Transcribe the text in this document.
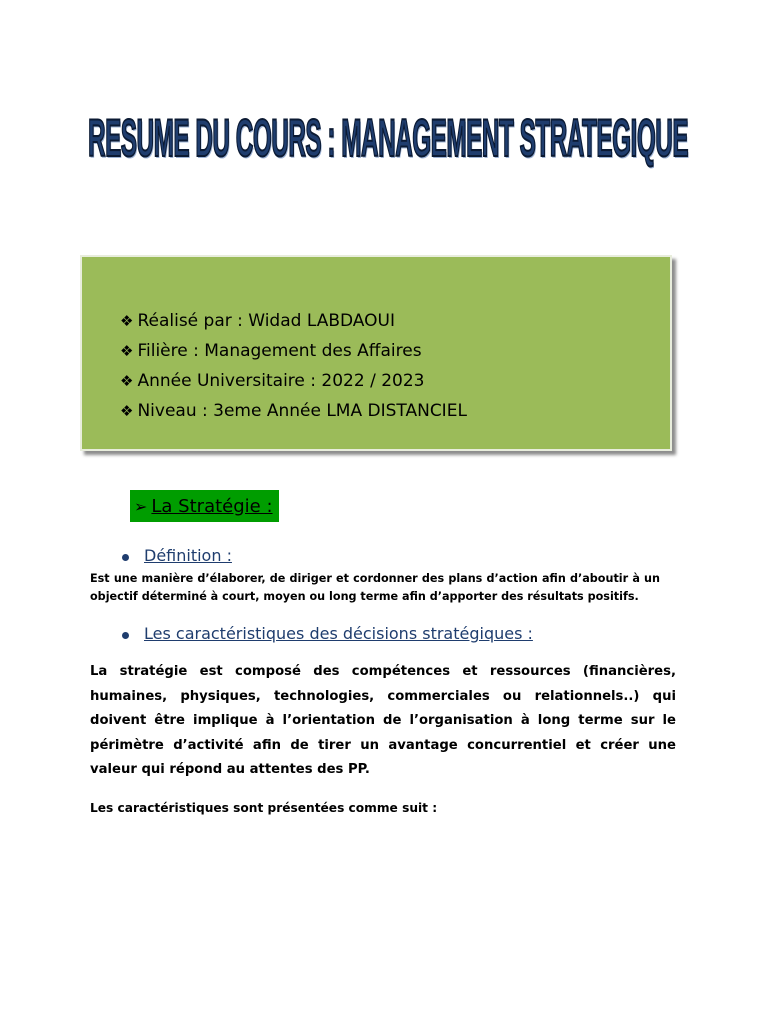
RESUME DU COURS : MANAGEMENT STRATEGIQUE
❖ Réalisé par : Widad LABDAOUI
❖ Filière : Management des Affaires
❖ Année Universitaire : 2022 / 2023
❖ Niveau : 3eme Année LMA DISTANCIEL
➢ La Stratégie :
Définition :

Est une manière d’élaborer, de diriger et cordonner des plans d’action afin d’aboutir à un objectif déterminé à court, moyen ou long terme afin d’apporter des résultats positifs.

Les caractéristiques des décisions stratégiques :

La stratégie est composé des compétences et ressources (financières, humaines, physiques, technologies, commerciales ou relationnels..) qui doivent être implique à l’orientation de l’organisation à long terme sur le périmètre d’activité afin de tirer un avantage concurrentiel et créer une valeur qui répond au attentes des PP.

Les caractéristiques sont présentées comme suit :
